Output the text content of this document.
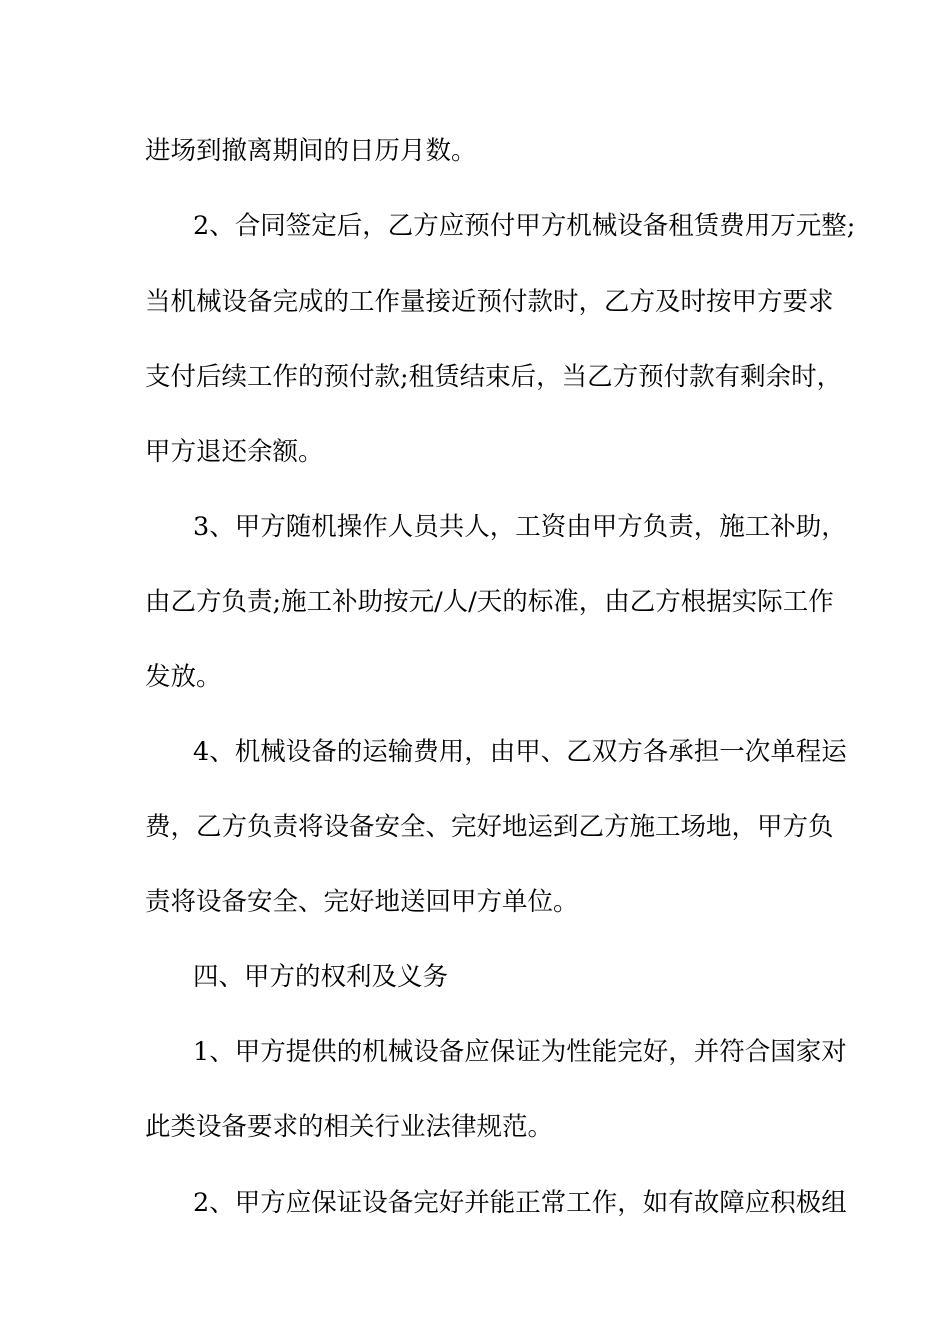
进场到撤离期间的日历月数。
2、合同签定后，乙方应预付甲方机械设备租赁费用万元整;
当机械设备完成的工作量接近预付款时，乙方及时按甲方要求
支付后续工作的预付款;租赁结束后，当乙方预付款有剩余时，
甲方退还余额。
3、甲方随机操作人员共人，工资由甲方负责，施工补助，
由乙方负责;施工补助按元/人/天的标准，由乙方根据实际工作
发放。
4、机械设备的运输费用，由甲、乙双方各承担一次单程运
费，乙方负责将设备安全、完好地运到乙方施工场地，甲方负
责将设备安全、完好地送回甲方单位。
四、甲方的权利及义务
1、甲方提供的机械设备应保证为性能完好，并符合国家对
此类设备要求的相关行业法律规范。
2、甲方应保证设备完好并能正常工作，如有故障应积极组
